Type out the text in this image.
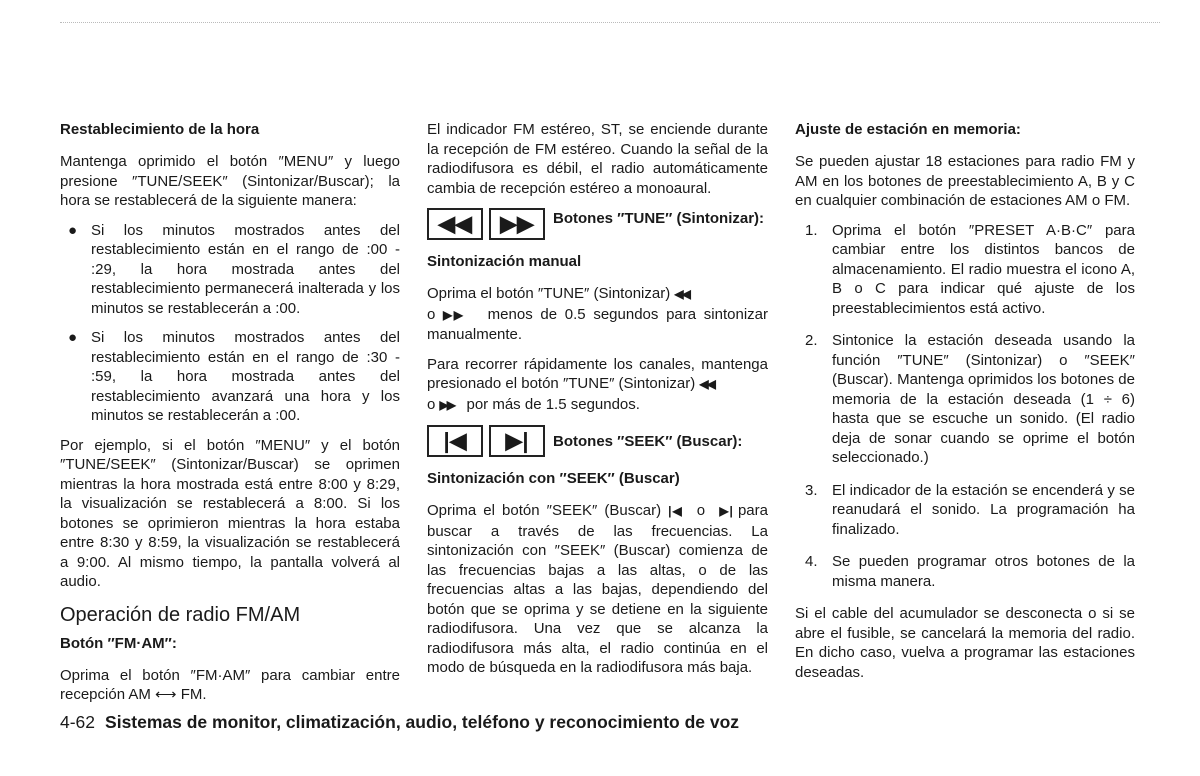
Restablecimiento de la hora

Mantenga oprimido el botón ″MENU″ y luego presione ″TUNE/SEEK″ (Sintonizar/Buscar); la hora se restablecerá de la siguiente manera:

● Si los minutos mostrados antes del restablecimiento están en el rango de :00 - :29, la hora mostrada antes del restablecimiento permanecerá inalterada y los minutos se restablecerán a :00.
● Si los minutos mostrados antes del restablecimiento están en el rango de :30 - :59, la hora mostrada antes del restablecimiento avanzará una hora y los minutos se restablecerán a :00.

Por ejemplo, si el botón ″MENU″ y el botón ″TUNE/SEEK″ (Sintonizar/Buscar) se oprimen mientras la hora mostrada está entre 8:00 y 8:29, la visualización se restablecerá a 8:00. Si los botones se oprimieron mientras la hora estaba entre 8:30 y 8:59, la visualización se restablecerá a 9:00. Al mismo tiempo, la pantalla volverá al audio.

Operación de radio FM/AM
Botón ″FM·AM″:

Oprima el botón ″FM·AM″ para cambiar entre recepción AM ⟷ FM.

El indicador FM estéreo, ST, se enciende durante la recepción de FM estéreo. Cuando la señal de la radiodifusora es débil, el radio automáticamente cambia de recepción estéreo a monoaural.

◀◀	▶▶	Botones ″TUNE″ (Sintonizar):
Sintonización manual

Oprima el botón ″TUNE″ (Sintonizar) ◀◀
o ▶▶ menos de 0.5 segundos para sintonizar manualmente.

Para recorrer rápidamente los canales, mantenga presionado el botón ″TUNE″ (Sintonizar) ◀◀
o ▶▶ por más de 1.5 segundos.

|◀	▶|	Botones ″SEEK″ (Buscar):
Sintonización con ″SEEK″ (Buscar)

Oprima el botón ″SEEK″ (Buscar) |◀ o ▶| para buscar a través de las frecuencias. La sintonización con ″SEEK″ (Buscar) comienza de las frecuencias bajas a las altas, o de las frecuencias altas a las bajas, dependiendo del botón que se oprima y se detiene en la siguiente radiodifusora. Una vez que se alcanza la radiodifusora más alta, el radio continúa en el modo de búsqueda en la radiodifusora más baja.

Ajuste de estación en memoria:

Se pueden ajustar 18 estaciones para radio FM y AM en los botones de preestablecimiento A, B y C en cualquier combinación de estaciones AM o FM.

1. Oprima el botón ″PRESET A·B·C″ para cambiar entre los distintos bancos de almacenamiento. El radio muestra el icono A, B o C para indicar qué ajuste de los preestablecimientos está activo.
2. Sintonice la estación deseada usando la función ″TUNE″ (Sintonizar) o ″SEEK″ (Buscar). Mantenga oprimidos los botones de memoria de la estación deseada (1 ÷ 6) hasta que se escuche un sonido. (El radio deja de sonar cuando se oprime el botón seleccionado.)
3. El indicador de la estación se encenderá y se reanudará el sonido. La programación ha finalizado.
4. Se pueden programar otros botones de la misma manera.

Si el cable del acumulador se desconecta o si se abre el fusible, se cancelará la memoria del radio. En dicho caso, vuelva a programar las estaciones deseadas.

4-62 Sistemas de monitor, climatización, audio, teléfono y reconocimiento de voz
